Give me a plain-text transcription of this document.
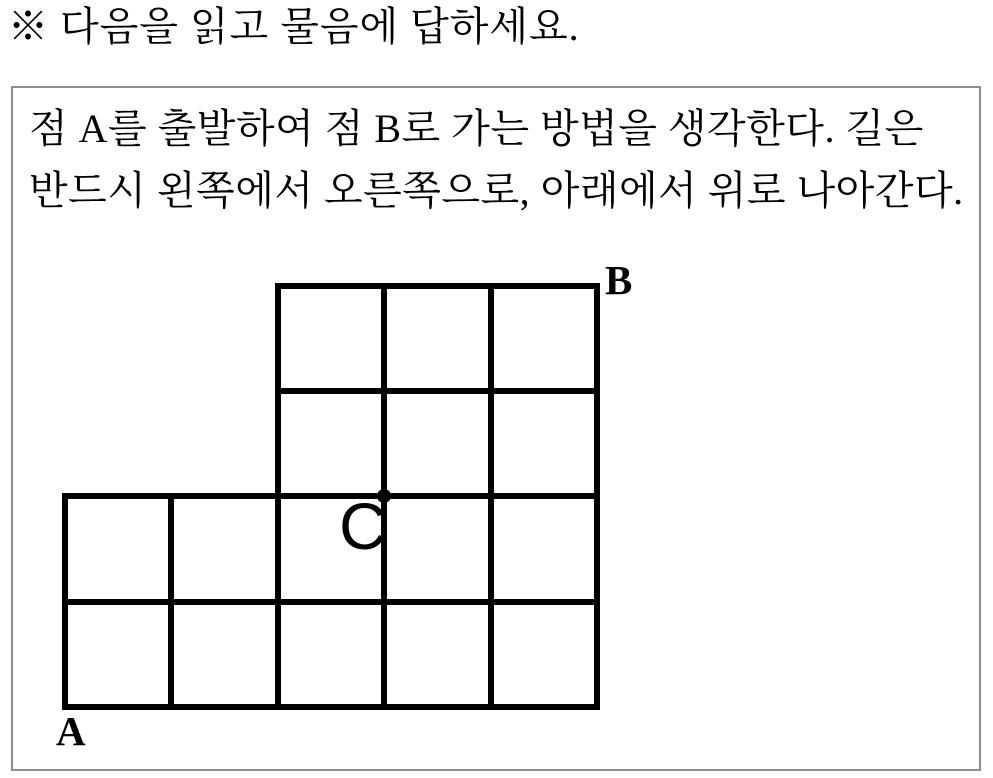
※ 다음을 읽고 물음에 답하세요.
점 A를 출발하여 점 B로 가는 방법을 생각한다. 길은
반드시 왼쪽에서 오른쪽으로, 아래에서 위로 나아간다.
A
B
C
